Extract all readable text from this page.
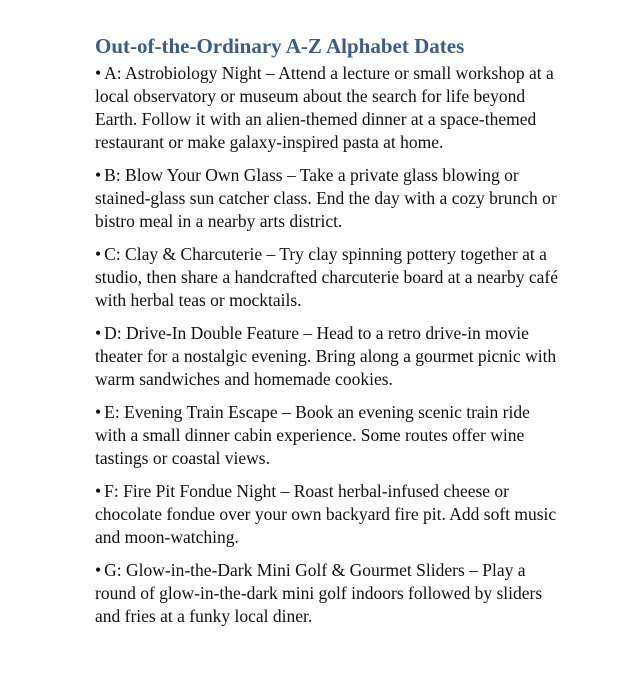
Out-of-the-Ordinary A-Z Alphabet Dates
• A: Astrobiology Night – Attend a lecture or small workshop at a local observatory or museum about the search for life beyond Earth. Follow it with an alien-themed dinner at a space-themed restaurant or make galaxy-inspired pasta at home.
• B: Blow Your Own Glass – Take a private glass blowing or stained-glass sun catcher class. End the day with a cozy brunch or bistro meal in a nearby arts district.
• C: Clay & Charcuterie – Try clay spinning pottery together at a studio, then share a handcrafted charcuterie board at a nearby café with herbal teas or mocktails.
• D: Drive-In Double Feature – Head to a retro drive-in movie theater for a nostalgic evening. Bring along a gourmet picnic with warm sandwiches and homemade cookies.
• E: Evening Train Escape – Book an evening scenic train ride with a small dinner cabin experience. Some routes offer wine tastings or coastal views.
• F: Fire Pit Fondue Night – Roast herbal-infused cheese or chocolate fondue over your own backyard fire pit. Add soft music and moon-watching.
• G: Glow-in-the-Dark Mini Golf & Gourmet Sliders – Play a round of glow-in-the-dark mini golf indoors followed by sliders and fries at a funky local diner.
